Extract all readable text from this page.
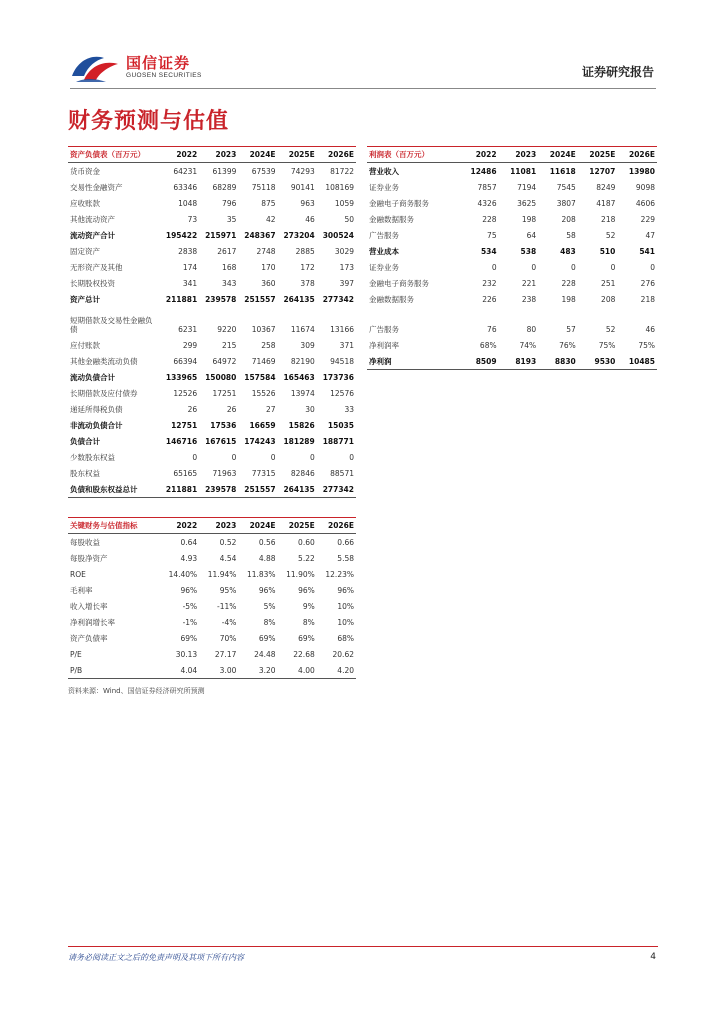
国信证券
GUOSEN SECURITIES	证券研究报告
财务预测与估值
资产负债表（百万元）	2022	2023	2024E	2025E	2026E
货币资金	64231	61399	67539	74293	81722
交易性金融资产	63346	68289	75118	90141	108169
应收账款	1048	796	875	963	1059
其他流动资产	73	35	42	46	50
流动资产合计	195422	215971	248367	273204	300524
固定资产	2838	2617	2748	2885	3029
无形资产及其他	174	168	170	172	173
长期股权投资	341	343	360	378	397
资产总计	211881	239578	251557	264135	277342
短期借款及交易性金融负债	6231	9220	10367	11674	13166
应付账款	299	215	258	309	371
其他金融类流动负债	66394	64972	71469	82190	94518
流动负债合计	133965	150080	157584	165463	173736
长期借款及应付债券	12526	17251	15526	13974	12576
递延所得税负债	26	26	27	30	33
非流动负债合计	12751	17536	16659	15826	15035
负债合计	146716	167615	174243	181289	188771
少数股东权益	0	0	0	0	0
股东权益	65165	71963	77315	82846	88571
负债和股东权益总计	211881	239578	251557	264135	277342
利润表（百万元）	2022	2023	2024E	2025E	2026E
营业收入	12486	11081	11618	12707	13980
证券业务	7857	7194	7545	8249	9098
金融电子商务服务	4326	3625	3807	4187	4606
金融数据服务	228	198	208	218	229
广告服务	75	64	58	52	47
营业成本	534	538	483	510	541
证券业务	0	0	0	0	0
金融电子商务服务	232	221	228	251	276
金融数据服务	226	238	198	208	218
广告服务	76	80	57	52	46
净利润率	68%	74%	76%	75%	75%
净利润	8509	8193	8830	9530	10485
关键财务与估值指标	2022	2023	2024E	2025E	2026E
每股收益	0.64	0.52	0.56	0.60	0.66
每股净资产	4.93	4.54	4.88	5.22	5.58
ROE	14.40%	11.94%	11.83%	11.90%	12.23%
毛利率	96%	95%	96%	96%	96%
收入增长率	-5%	-11%	5%	9%	10%
净利润增长率	-1%	-4%	8%	8%	10%
资产负债率	69%	70%	69%	69%	68%
P/E	30.13	27.17	24.48	22.68	20.62
P/B	4.04	3.00	3.20	4.00	4.20
资料来源：Wind、国信证券经济研究所预测
请务必阅读正文之后的免责声明及其项下所有内容	4
